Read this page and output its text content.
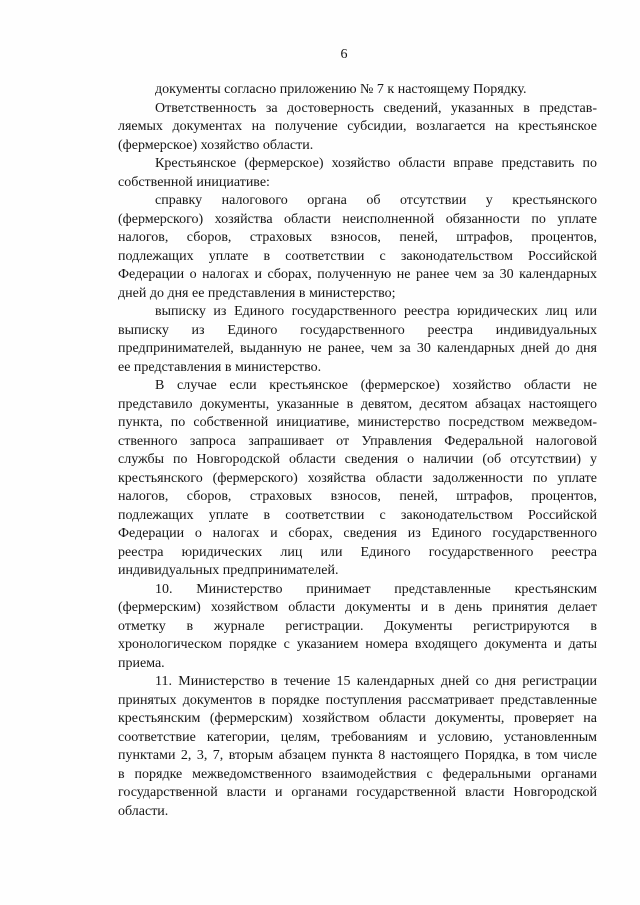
6
документы согласно приложению № 7 к настоящему Порядку.
Ответственность за достоверность сведений, указанных в представ-
ляемых документах на получение субсидии, возлагается на крестьянское
(фермерское) хозяйство области.
Крестьянское (фермерское) хозяйство области вправе представить по
собственной инициативе:
справку налогового органа об отсутствии у крестьянского
(фермерского) хозяйства области неисполненной обязанности по уплате
налогов, сборов, страховых взносов, пеней, штрафов, процентов,
подлежащих уплате в соответствии с законодательством Российской
Федерации о налогах и сборах, полученную не ранее чем за 30 календарных
дней до дня ее представления в министерство;
выписку из Единого государственного реестра юридических лиц или
выписку из Единого государственного реестра индивидуальных
предпринимателей, выданную не ранее, чем за 30 календарных дней до дня
ее представления в министерство.
В случае если крестьянское (фермерское) хозяйство области не
представило документы, указанные в девятом, десятом абзацах настоящего
пункта, по собственной инициативе, министерство посредством межведом-
ственного запроса запрашивает от Управления Федеральной налоговой
службы по Новгородской области сведения о наличии (об отсутствии) у
крестьянского (фермерского) хозяйства области задолженности по уплате
налогов, сборов, страховых взносов, пеней, штрафов, процентов,
подлежащих уплате в соответствии с законодательством Российской
Федерации о налогах и сборах, сведения из Единого государственного
реестра юридических лиц или Единого государственного реестра
индивидуальных предпринимателей.
10. Министерство принимает представленные крестьянским
(фермерским) хозяйством области документы и в день принятия делает
отметку в журнале регистрации. Документы регистрируются в
хронологическом порядке с указанием номера входящего документа и даты
приема.
11. Министерство в течение 15 календарных дней со дня регистрации
принятых документов в порядке поступления рассматривает представленные
крестьянским (фермерским) хозяйством области документы, проверяет на
соответствие категории, целям, требованиям и условию, установленным
пунктами 2, 3, 7, вторым абзацем пункта 8 настоящего Порядка, в том числе
в порядке межведомственного взаимодействия с федеральными органами
государственной власти и органами государственной власти Новгородской
области.
